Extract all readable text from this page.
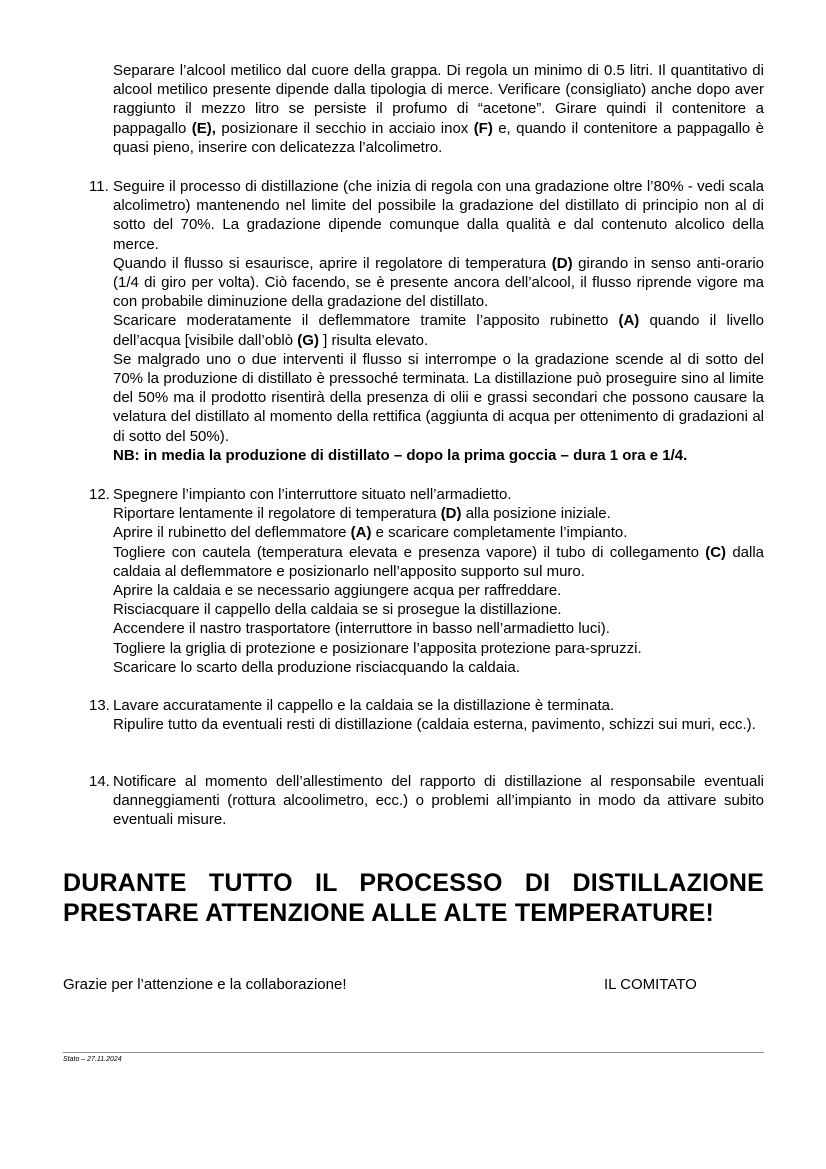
Separare l’alcool metilico dal cuore della grappa. Di regola un minimo di 0.5 litri. Il quantitativo di alcool metilico presente dipende dalla tipologia di merce. Verificare (consigliato) anche dopo aver raggiunto il mezzo litro se persiste il profumo di “acetone”. Girare quindi il contenitore a pappagallo (E), posizionare il secchio in acciaio inox (F) e, quando il contenitore a pappagallo è quasi pieno, inserire con delicatezza l’alcolimetro.

11. Seguire il processo di distillazione (che inizia di regola con una gradazione oltre l’80% - vedi scala alcolimetro) mantenendo nel limite del possibile la gradazione del distillato di principio non al di sotto del 70%. La gradazione dipende comunque dalla qualità e dal contenuto alcolico della merce.

Quando il flusso si esaurisce, aprire il regolatore di temperatura (D) girando in senso anti-orario (1/4 di giro per volta). Ciò facendo, se è presente ancora dell’alcool, il flusso riprende vigore ma con probabile diminuzione della gradazione del distillato.

Scaricare moderatamente il deflemmatore tramite l’apposito rubinetto (A) quando il livello dell’acqua [visibile dall’oblò (G) ] risulta elevato.

Se malgrado uno o due interventi il flusso si interrompe o la gradazione scende al di sotto del 70% la produzione di distillato è pressoché terminata. La distillazione può proseguire sino al limite del 50% ma il prodotto risentirà della presenza di olii e grassi secondari che possono causare la velatura del distillato al momento della rettifica (aggiunta di acqua per ottenimento di gradazioni al di sotto del 50%).

NB: in media la produzione di distillato – dopo la prima goccia – dura 1 ora e 1/4.

12. Spegnere l’impianto con l’interruttore situato nell’armadietto.

Riportare lentamente il regolatore di temperatura (D) alla posizione iniziale.

Aprire il rubinetto del deflemmatore (A) e scaricare completamente l’impianto.

Togliere con cautela (temperatura elevata e presenza vapore) il tubo di collegamento (C) dalla caldaia al deflemmatore e posizionarlo nell’apposito supporto sul muro.

Aprire la caldaia e se necessario aggiungere acqua per raffreddare.

Risciacquare il cappello della caldaia se si prosegue la distillazione.

Accendere il nastro trasportatore (interruttore in basso nell’armadietto luci).

Togliere la griglia di protezione e posizionare l’apposita protezione para-spruzzi.

Scaricare lo scarto della produzione risciacquando la caldaia.

13. Lavare accuratamente il cappello e la caldaia se la distillazione è terminata.

Ripulire tutto da eventuali resti di distillazione (caldaia esterna, pavimento, schizzi sui muri, ecc.).

14. Notificare al momento dell’allestimento del rapporto di distillazione al responsabile eventuali danneggiamenti (rottura alcoolimetro, ecc.) o problemi all’impianto in modo da attivare subito eventuali misure.

DURANTE TUTTO IL PROCESSO DI DISTILLAZIONE

PRESTARE ATTENZIONE ALLE ALTE TEMPERATURE!

Grazie per l’attenzione e la collaborazione!	IL COMITATO
Stato – 27.11.2024
